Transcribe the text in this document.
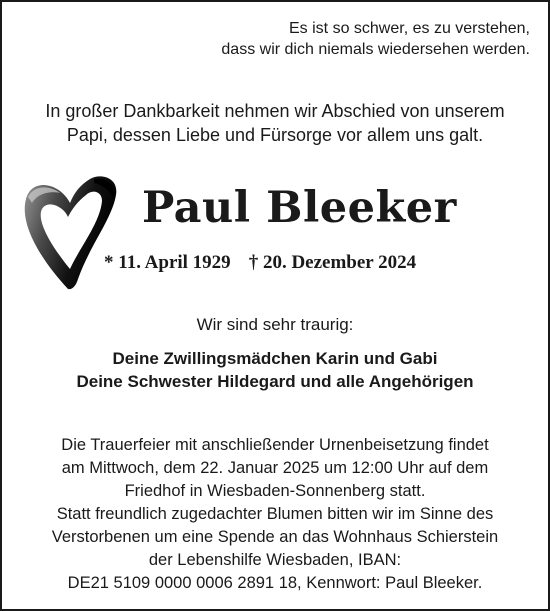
Es ist so schwer, es zu verstehen,
dass wir dich niemals wiedersehen werden.
In großer Dankbarkeit nehmen wir Abschied von unserem
Papi, dessen Liebe und Fürsorge vor allem uns galt.
Paul Bleeker
* 11. April 1929 † 20. Dezember 2024
Wir sind sehr traurig:
Deine Zwillingsmädchen Karin und Gabi
Deine Schwester Hildegard und alle Angehörigen
Die Trauerfeier mit anschließender Urnenbeisetzung findet
am Mittwoch, dem 22. Januar 2025 um 12:00 Uhr auf dem
Friedhof in Wiesbaden-Sonnenberg statt.
Statt freundlich zugedachter Blumen bitten wir im Sinne des
Verstorbenen um eine Spende an das Wohnhaus Schierstein
der Lebenshilfe Wiesbaden, IBAN:
DE21 5109 0000 0006 2891 18, Kennwort: Paul Bleeker.
